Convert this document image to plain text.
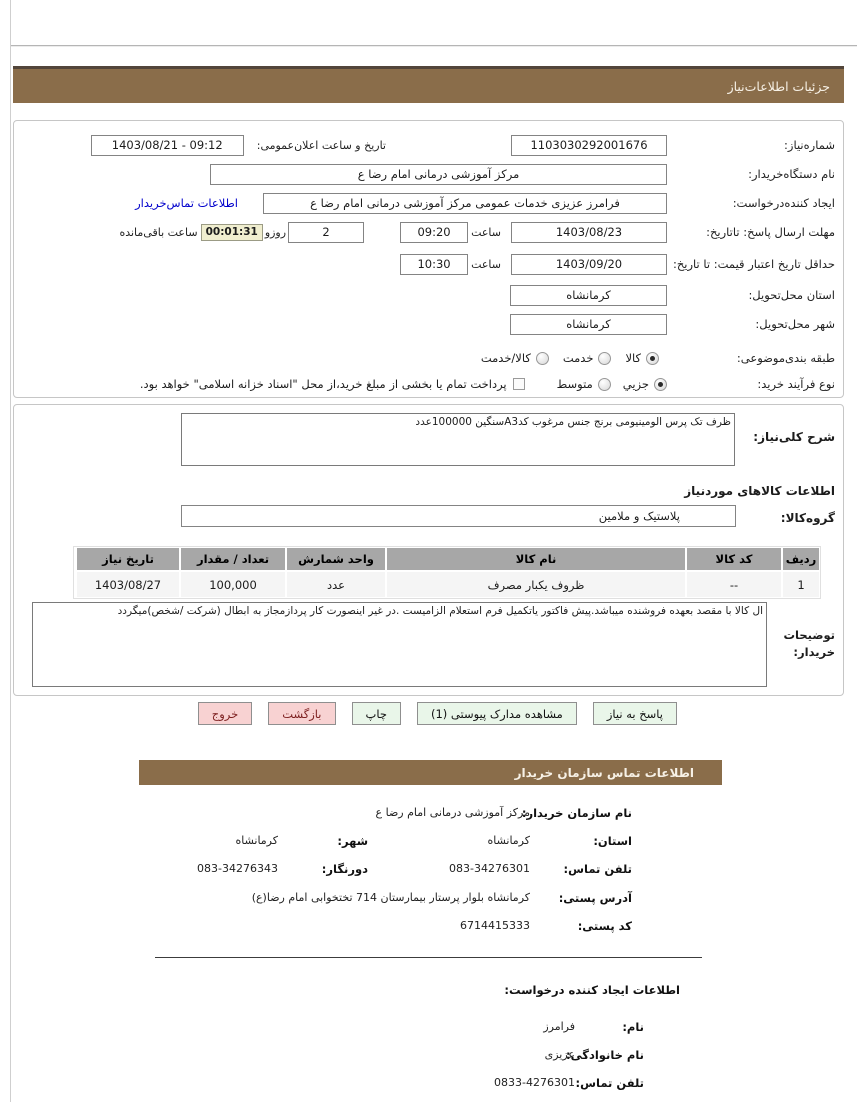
جزئیات اطلاعات‌نیاز
شماره‌نیاز:
1103030292001676
تاریخ و ساعت اعلان‌عمومی:
1403/08/21 - 09:12
نام دستگاه‌خریدار:
مرکز آموزشی درمانی امام رضا ع
ایجاد کننده‌درخواست:
فرامرز عزیزی خدمات عمومی مرکز آموزشی درمانی امام رضا ع
اطلاعات تماس‌خریدار
مهلت ارسال پاسخ: تاتاریخ:
1403/08/23
ساعت
09:20
2
روزو
00:01:31
ساعت باقی‌مانده
حداقل تاریخ اعتبار قیمت: تا تاریخ:
1403/09/20
ساعت
10:30
استان محل‌تحویل:
کرمانشاه
شهر محل‌تحویل:
کرمانشاه
طبقه بندی‌موضوعی:
کالا
خدمت
کالا/خدمت
نوع فرآیند خرید:
جزيي
متوسط
پرداخت تمام یا بخشی از مبلغ خرید،از محل "اسناد خزانه اسلامی" خواهد بود.
شرح کلی‌نیاز:
ظرف تک پرس الومینیومی برنج جنس مرغوب کدA3سنگین 100000عدد
اطلاعات کالاهای موردنیاز
گروه‌کالا:
پلاستیک و ملامین
ردیف
کد کالا
نام کالا
واحد شمارش
تعداد / مقدار
تاریخ نیاز
1
--
ظروف یکبار مصرف
عدد
100,000
1403/08/27
توضیحات خریدار:
ال کالا با مقصد بعهده فروشنده میباشد.پیش فاکتور یاتکمیل فرم استعلام الزامیست .در غیر اینصورت کار پردازمجاز به ابطال (شرکت /شخص)میگردد
پاسخ به نیاز
مشاهده مدارک پیوستی (1)
چاپ
بازگشت
خروج
اطلاعات تماس سازمان خریدار
نام سازمان خریدار:
مرکز آموزشی درمانی امام رضا ع
استان:
کرمانشاه
شهر:
کرمانشاه
تلفن تماس:
083-34276301
دورنگار:
083-34276343
آدرس پستی:
کرمانشاه بلوار پرستار بیمارستان 714 تختخوابی امام رضا(ع)
کد پستی:
6714415333
اطلاعات ایجاد کننده درخواست:
نام:
فرامرز
نام خانوادگی:
عزیزی
تلفن تماس:
0833-4276301
